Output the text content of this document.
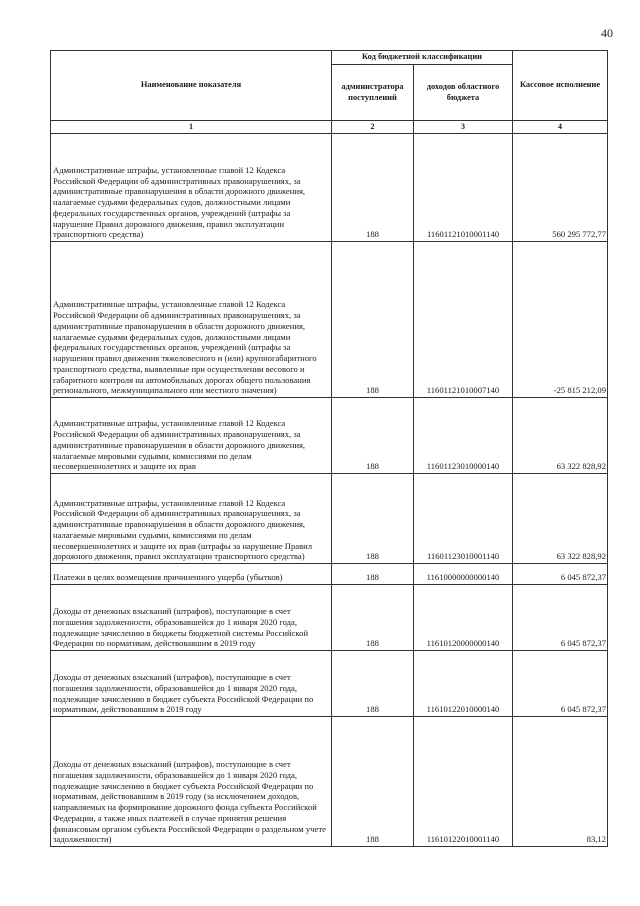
40
Наименование показателя	Код бюджетной классификации		Кассовое исполнение
	администратора поступлений	доходов областного бюджета	
1	2	3	4
Административные штрафы, установленные главой 12 Кодекса Российской Федерации об административных правонарушениях, за административные правонарушения в области дорожного движения, налагаемые судьями федеральных судов, должностными лицами федеральных государственных органов, учреждений (штрафы за нарушение Правил дорожного движения, правил эксплуатации транспортного средства)	188	11601121010001140	560 295 772,77
Административные штрафы, установленные главой 12 Кодекса Российской Федерации об административных правонарушениях, за административные правонарушения в области дорожного движения, налагаемые судьями федеральных судов, должностными лицами федеральных государственных органов, учреждений (штрафы за нарушения правил движения тяжеловесного и (или) крупногабаритного транспортного средства, выявленные при осуществлении весового и габаритного контроля на автомобильных дорогах общего пользования регионального, межмуниципального или местного значения)	188	11601121010007140	-25 815 212,09
Административные штрафы, установленные главой 12 Кодекса Российской Федерации об административных правонарушениях, за административные правонарушения в области дорожного движения, налагаемые мировыми судьями, комиссиями по делам несовершеннолетних и защите их прав	188	11601123010000140	63 322 828,92
Административные штрафы, установленные главой 12 Кодекса Российской Федерации об административных правонарушениях, за административные правонарушения в области дорожного движения, налагаемые мировыми судьями, комиссиями по делам несовершеннолетних и защите их прав (штрафы за нарушение Правил дорожного движения, правил эксплуатации транспортного средства)	188	11601123010001140	63 322 828,92
Платежи в целях возмещения причиненного ущерба (убытков)	188	11610000000000140	6 045 872,37
Доходы от денежных взысканий (штрафов), поступающие в счет погашения задолженности, образовавшейся до 1 января 2020 года, подлежащие зачислению в бюджеты бюджетной системы Российской Федерации по нормативам, действовавшим в 2019 году	188	11610120000000140	6 045 872,37
Доходы от денежных взысканий (штрафов), поступающие в счет погашения задолженности, образовавшейся до 1 января 2020 года, подлежащие зачислению в бюджет субъекта Российской Федерации по нормативам, действовавшим в 2019 году	188	11610122010000140	6 045 872,37
Доходы от денежных взысканий (штрафов), поступающие в счет погашения задолженности, образовавшейся до 1 января 2020 года, подлежащие зачислению в бюджет субъекта Российской Федерации по нормативам, действовавшим в 2019 году (за исключением доходов, направляемых на формирование дорожного фонда субъекта Российской Федерации, а также иных платежей в случае принятия решения финансовым органом субъекта Российской Федерации о раздельном учете задолженности)	188	11610122010001140	83,12
